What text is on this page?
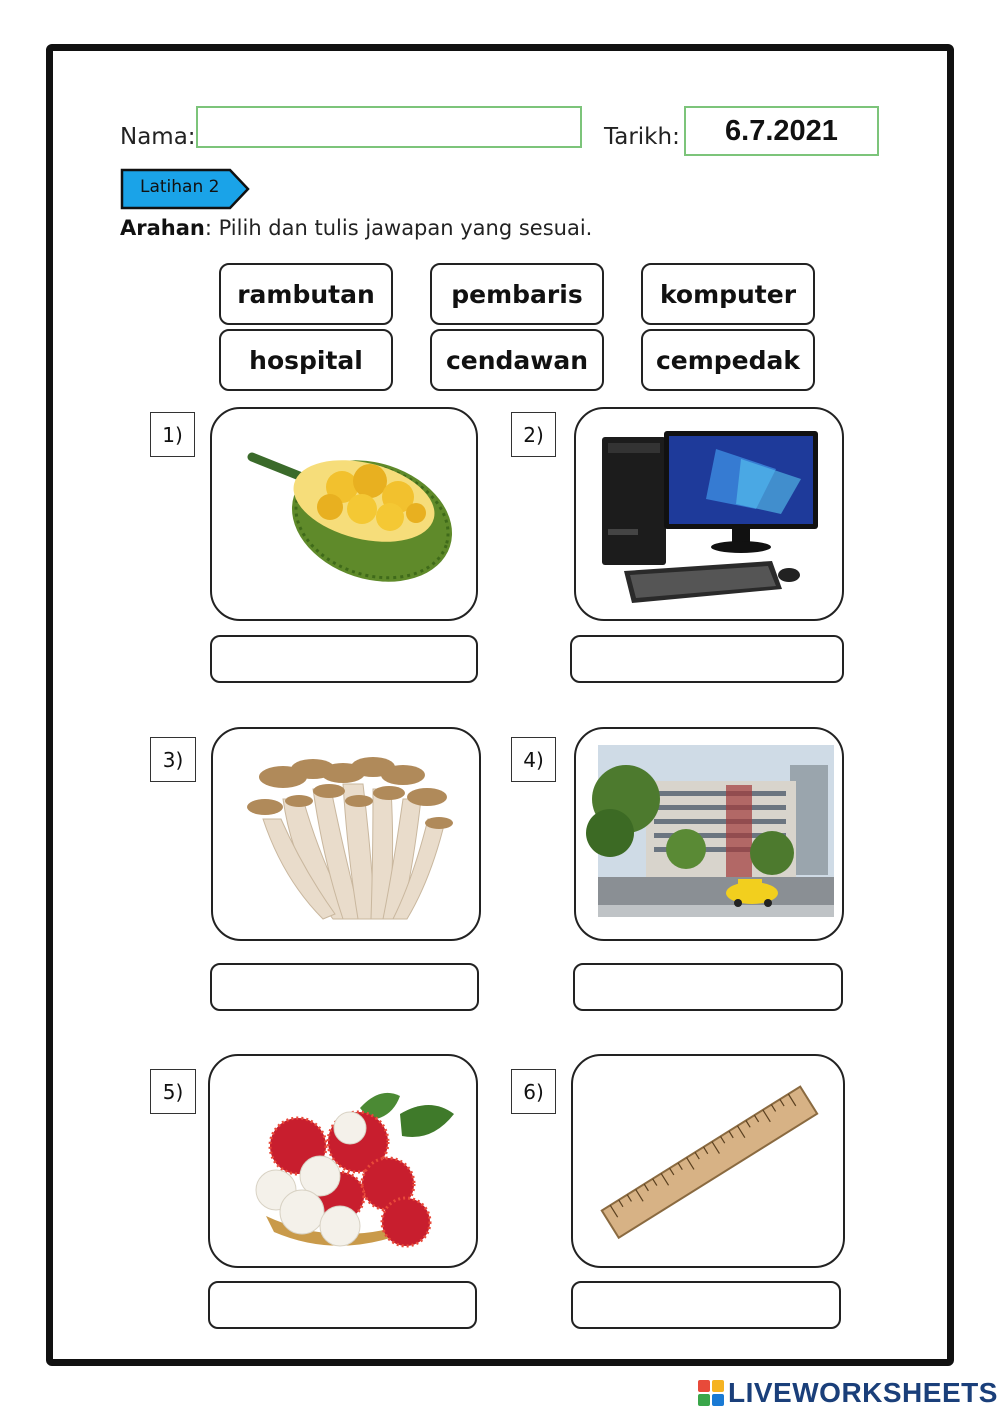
Nama:	Tarikh:	6.7.2021
Latihan 2
Arahan: Pilih dan tulis jawapan yang sesuai.
rambutan	pembaris	komputer
hospital	cendawan	cempedak
1)	2)
3)	4)
5)	6)
LIVEWORKSHEETS
